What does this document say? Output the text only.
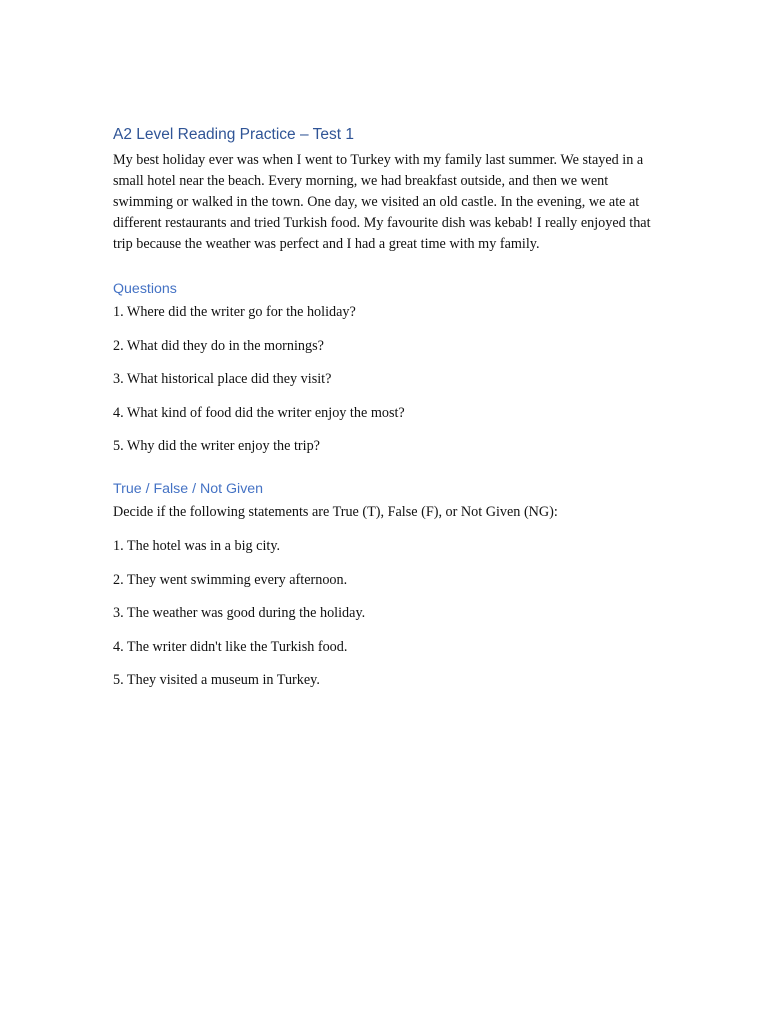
A2 Level Reading Practice – Test 1

My best holiday ever was when I went to Turkey with my family last summer. We stayed in a small hotel near the beach. Every morning, we had breakfast outside, and then we went swimming or walked in the town. One day, we visited an old castle. In the evening, we ate at different restaurants and tried Turkish food. My favourite dish was kebab! I really enjoyed that trip because the weather was perfect and I had a great time with my family.

Questions

1. Where did the writer go for the holiday?

2. What did they do in the mornings?

3. What historical place did they visit?

4. What kind of food did the writer enjoy the most?

5. Why did the writer enjoy the trip?

True / False / Not Given

Decide if the following statements are True (T), False (F), or Not Given (NG):

1. The hotel was in a big city.

2. They went swimming every afternoon.

3. The weather was good during the holiday.

4. The writer didn't like the Turkish food.

5. They visited a museum in Turkey.
